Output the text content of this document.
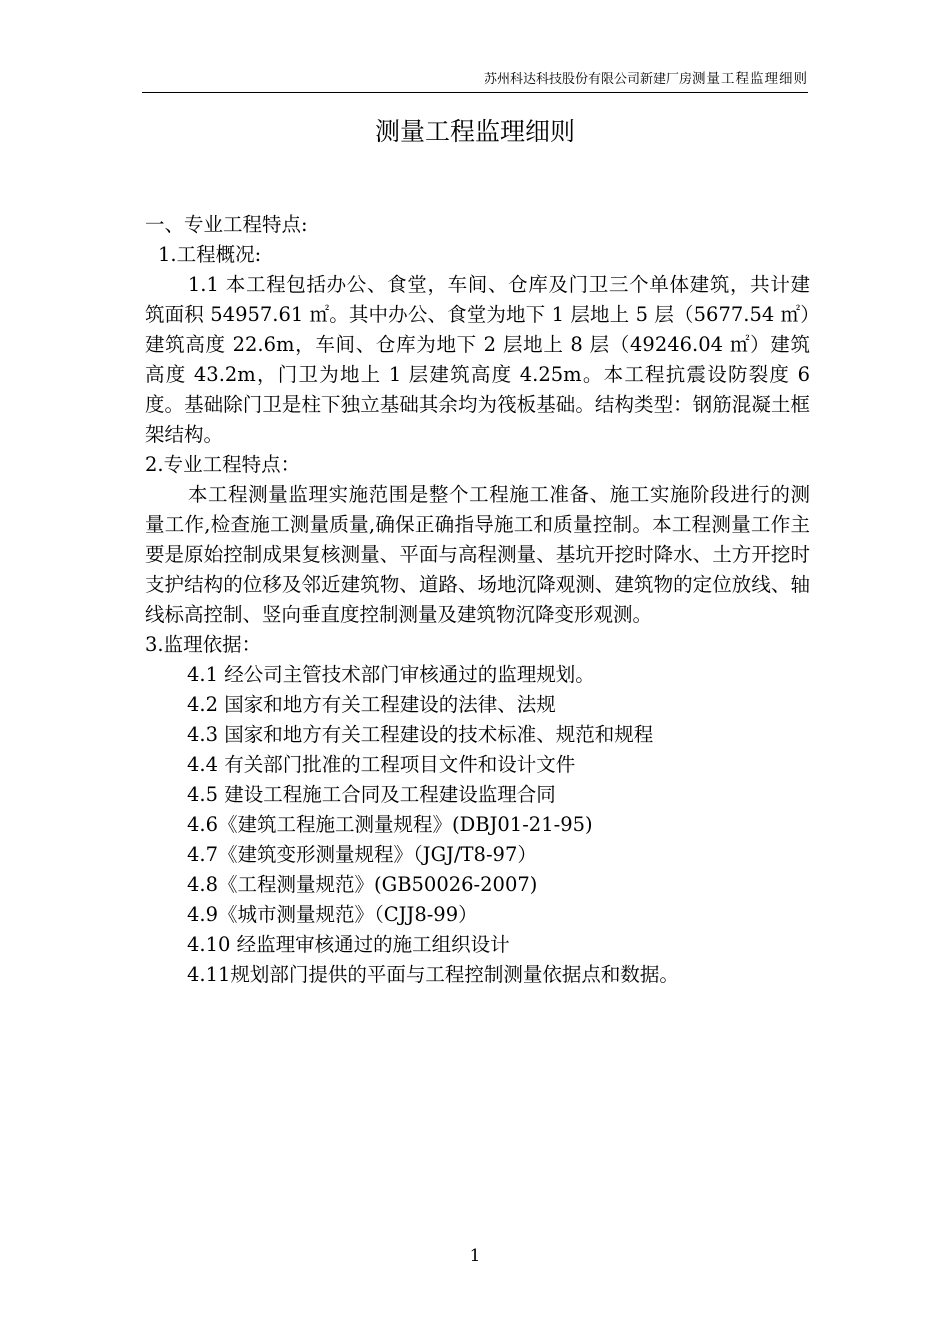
苏州科达科技股份有限公司新建厂房测量工程监理细则
测量工程监理细则

一、专业工程特点:

1.工程概况:

1.1 本工程包括办公、食堂，车间、仓库及门卫三个单体建筑，共计建筑面积 54957.61 ㎡。其中办公、食堂为地下 1 层地上 5 层（5677.54 ㎡）建筑高度 22.6m，车间、仓库为地下 2 层地上 8 层（49246.04 ㎡）建筑高度 43.2m，门卫为地上 1 层建筑高度 4.25m。本工程抗震设防裂度 6 度。基础除门卫是柱下独立基础其余均为筏板基础。结构类型：钢筋混凝土框架结构。

2.专业工程特点：

本工程测量监理实施范围是整个工程施工准备、施工实施阶段进行的测量工作,检查施工测量质量,确保正确指导施工和质量控制。本工程测量工作主要是原始控制成果复核测量、平面与高程测量、基坑开挖时降水、土方开挖时支护结构的位移及邻近建筑物、道路、场地沉降观测、建筑物的定位放线、轴线标高控制、竖向垂直度控制测量及建筑物沉降变形观测。

3.监理依据：

4.1 经公司主管技术部门审核通过的监理规划。

4.2 国家和地方有关工程建设的法律、法规

4.3 国家和地方有关工程建设的技术标准、规范和规程

4.4 有关部门批准的工程项目文件和设计文件

4.5 建设工程施工合同及工程建设监理合同

4.6《建筑工程施工测量规程》(DBJ01-21-95)

4.7《建筑变形测量规程》（JGJ/T8-97）

4.8《工程测量规范》(GB50026-2007)

4.9《城市测量规范》（CJJ8-99）

4.10 经监理审核通过的施工组织设计

4.11规划部门提供的平面与工程控制测量依据点和数据。

1
